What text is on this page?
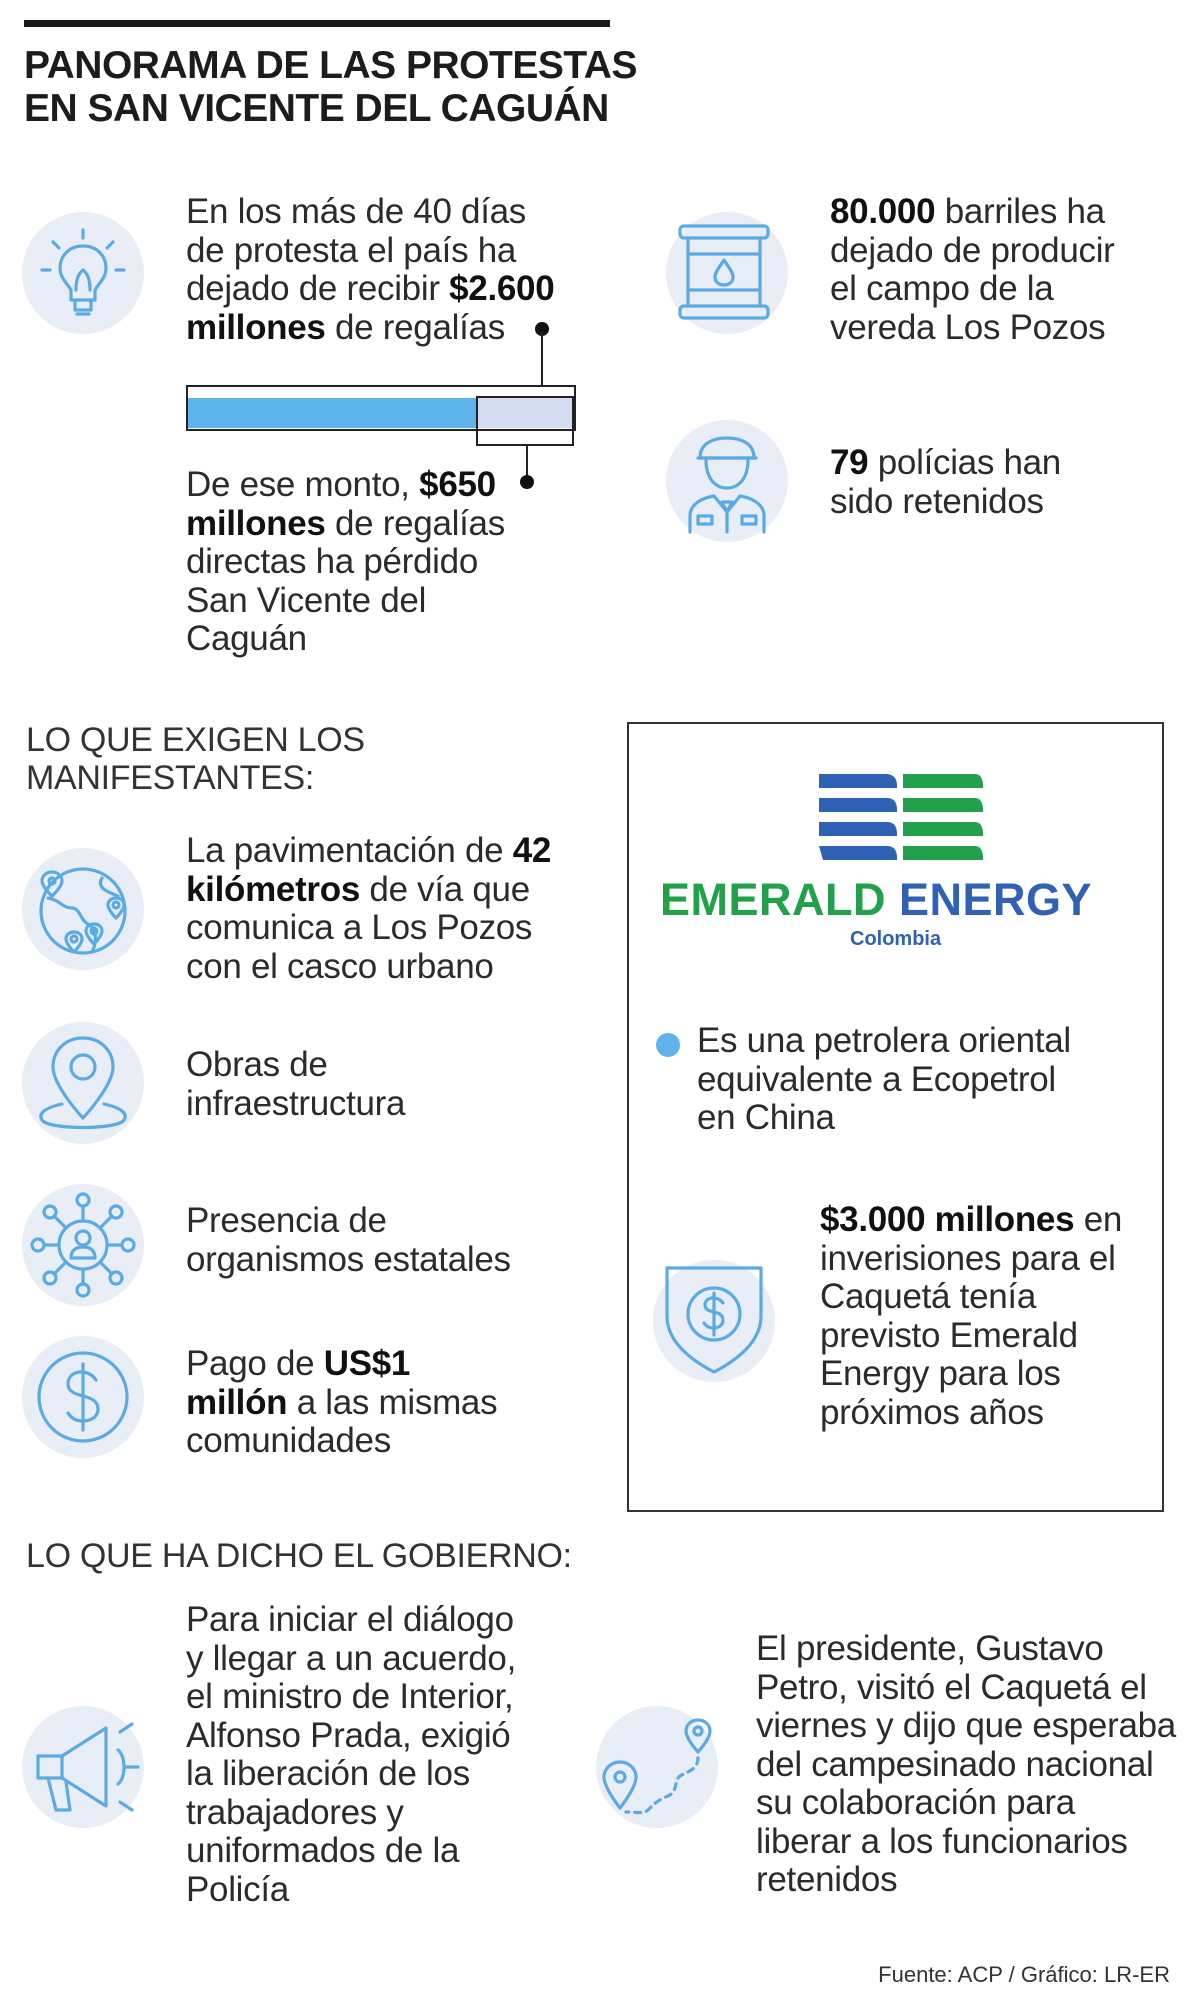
PANORAMA DE LAS PROTESTAS
EN SAN VICENTE DEL CAGUÁN
En los más de 40 días
de protesta el país ha
dejado de recibir $2.600
millones de regalías
De ese monto, $650
millones de regalías
directas ha pérdido
San Vicente del
Caguán
80.000 barriles ha
dejado de producir
el campo de la
vereda Los Pozos
79 polícias han
sido retenidos
LO QUE EXIGEN LOS
MANIFESTANTES:
La pavimentación de 42
kilómetros de vía que
comunica a Los Pozos
con el casco urbano
Obras de
infraestructura
Presencia de
organismos estatales
Pago de US$1
millón a las mismas
comunidades
EMERALD ENERGY
Colombia
Es una petrolera oriental
equivalente a Ecopetrol
en China
$3.000 millones en
inverisiones para el
Caquetá tenía
previsto Emerald
Energy para los
próximos años
LO QUE HA DICHO EL GOBIERNO:
Para iniciar el diálogo
y llegar a un acuerdo,
el ministro de Interior,
Alfonso Prada, exigió
la liberación de los
trabajadores y
uniformados de la
Policía
El presidente, Gustavo
Petro, visitó el Caquetá el
viernes y dijo que esperaba
del campesinado nacional
su colaboración para
liberar a los funcionarios
retenidos
Fuente: ACP / Gráfico: LR-ER
